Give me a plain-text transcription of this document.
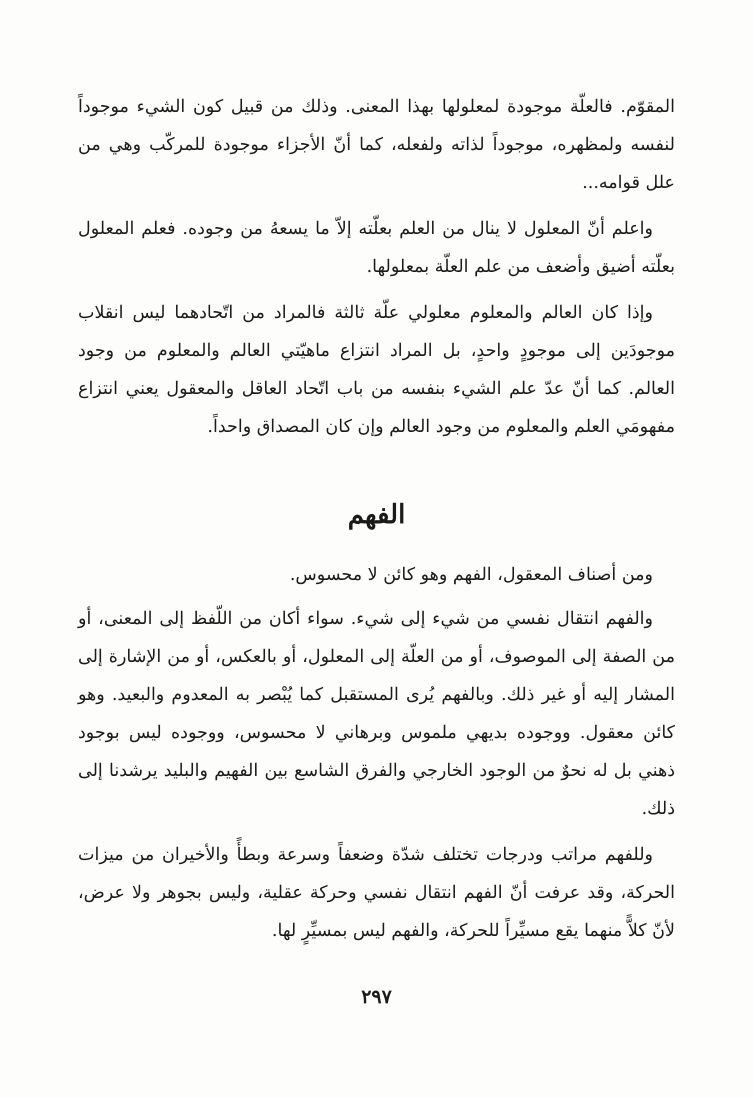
المقوّم. فالعلّة موجودة لمعلولها بهذا المعنى. وذلك من قبيل كون الشيء موجوداً لنفسه ولمظهره، موجوداً لذاته ولفعله، كما أنّ الأجزاء موجودة للمركّب وهي من علل قوامه...

واعلم أنّ المعلول لا ينال من العلم بعلّته إلاّ ما يسعهُ من وجوده. فعلم المعلول بعلّته أضيق وأضعف من علم العلّة بمعلولها.

وإذا كان العالم والمعلوم معلولي علّة ثالثة فالمراد من اتّحادهما ليس انقلاب موجودَين إلى موجودٍ واحدٍ، بل المراد انتزاع ماهيّتي العالم والمعلوم من وجود العالم. كما أنّ عدّ علم الشيء بنفسه من باب اتّحاد العاقل والمعقول يعني انتزاع مفهومَي العلم والمعلوم من وجود العالم وإن كان المصداق واحداً.

الفهم

ومن أصناف المعقول، الفهم وهو كائن لا محسوس.

والفهم انتقال نفسي من شيء إلى شيء. سواء أكان من اللّفظ إلى المعنى، أو من الصفة إلى الموصوف، أو من العلّة إلى المعلول، أو بالعكس، أو من الإشارة إلى المشار إليه أو غير ذلك. وبالفهم يُرى المستقبل كما يُبْصر به المعدوم والبعيد. وهو كائن معقول. ووجوده بديهي ملموس وبرهاني لا محسوس، ووجوده ليس بوجود ذهني بل له نحوٌ من الوجود الخارجي والفرق الشاسع بين الفهيم والبليد يرشدنا إلى ذلك.

وللفهم مراتب ودرجات تختلف شدّة وضعفاً وسرعة وبطأً والأخيران من ميزات الحركة، وقد عرفت أنّ الفهم انتقال نفسي وحركة عقلية، وليس بجوهر ولا عرض، لأنّ كلاًّ منهما يقع مسيِّراً للحركة، والفهم ليس بمسيِّرٍ لها.

٢٩٧
